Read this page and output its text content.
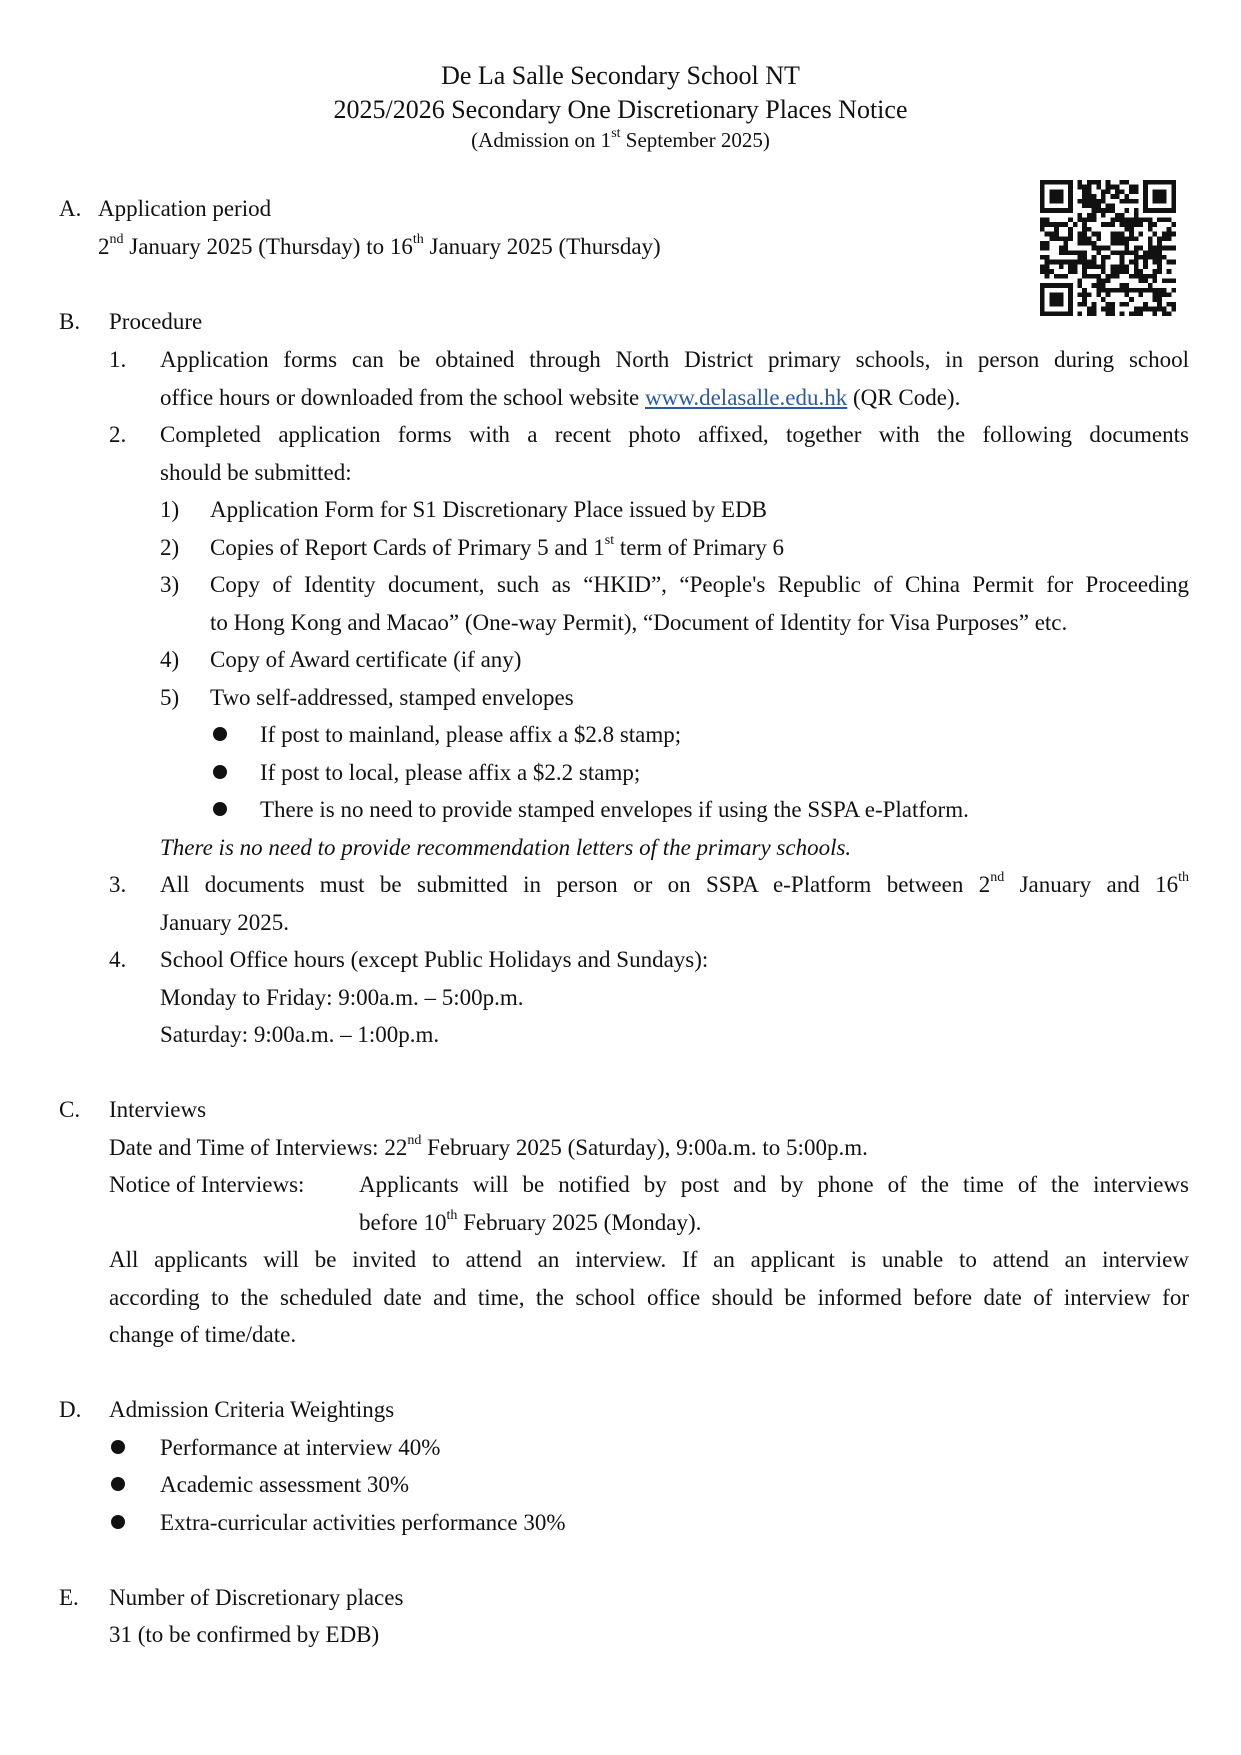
De La Salle Secondary School NT
2025/2026 Secondary One Discretionary Places Notice
(Admission on 1st September 2025)
A. Application period
2nd January 2025 (Thursday) to 16th January 2025 (Thursday)
B. Procedure
1. Application forms can be obtained through North District primary schools, in person during school
office hours or downloaded from the school website www.delasalle.edu.hk (QR Code).
2. Completed application forms with a recent photo affixed, together with the following documents
should be submitted:
1) Application Form for S1 Discretionary Place issued by EDB
2) Copies of Report Cards of Primary 5 and 1st term of Primary 6
3) Copy of Identity document, such as “HKID”, “People's Republic of China Permit for Proceeding
to Hong Kong and Macao” (One-way Permit), “Document of Identity for Visa Purposes” etc.
4) Copy of Award certificate (if any)
5) Two self-addressed, stamped envelopes
If post to mainland, please affix a $2.8 stamp;
If post to local, please affix a $2.2 stamp;
There is no need to provide stamped envelopes if using the SSPA e-Platform.
There is no need to provide recommendation letters of the primary schools.
3. All documents must be submitted in person or on SSPA e-Platform between 2nd January and 16th
January 2025.
4. School Office hours (except Public Holidays and Sundays):
Monday to Friday: 9:00a.m. – 5:00p.m.
Saturday: 9:00a.m. – 1:00p.m.
C. Interviews
Date and Time of Interviews: 22nd February 2025 (Saturday), 9:00a.m. to 5:00p.m.
Notice of Interviews: Applicants will be notified by post and by phone of the time of the interviews
before 10th February 2025 (Monday).
All applicants will be invited to attend an interview. If an applicant is unable to attend an interview
according to the scheduled date and time, the school office should be informed before date of interview for
change of time/date.
D. Admission Criteria Weightings
Performance at interview 40%
Academic assessment 30%
Extra-curricular activities performance 30%
E. Number of Discretionary places
31 (to be confirmed by EDB)
